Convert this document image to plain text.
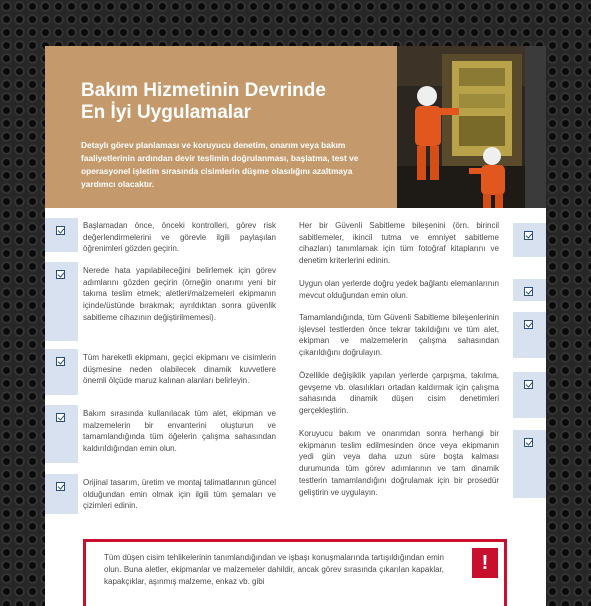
Bakım Hizmetinin Devrinde
En İyi Uygulamalar

Detaylı görev planlaması ve koruyucu denetim, onarım veya bakım faaliyetlerinin ardından devir teslimin doğrulanması, başlatma, test ve operasyonel işletim sırasında cisimlerin düşme olasılığını azaltmaya yardımcı olacaktır.

Başlamadan önce, önceki kontrolleri, görev risk değerlendirmelerini ve görevle ilgili paylaşılan öğrenimleri gözden geçirin.

Nerede hata yapılabileceğini belirlemek için görev adımlarını gözden geçirin (örneğin onarımı yeni bir takıma teslim etmek; aletleri/malzemeleri ekipmanın içinde/üstünde bırakmak; ayrıldıktan sonra güvenlik sabitleme cihazının değiştirilmemesi).

Tüm hareketli ekipmanı, geçici ekipmanı ve cisimlerin düşmesine neden olabilecek dinamik kuvvetlere önemli ölçüde maruz kalınan alanları belirleyin.

Bakım sırasında kullanılacak tüm alet, ekipman ve malzemelerin bir envanterini oluşturun ve tamamlandığında tüm öğelerin çalışma sahasından kaldırıldığından emin olun.

Orijinal tasarım, üretim ve montaj talimatlarının güncel olduğundan emin olmak için ilgili tüm şemaları ve çizimleri edinin.

Her bir Güvenli Sabitleme bileşenini (örn. birincil sabitlemeler, ikincil tutma ve emniyet sabitleme cihazları) tanımlamak için tüm fotoğraf kitaplarını ve denetim kriterlerini edinin.

Uygun olan yerlerde doğru yedek bağlantı elemanlarının mevcut olduğundan emin olun.

Tamamlandığında, tüm Güvenli Sabitleme bileşenlerinin işlevsel testlerden önce tekrar takıldığını ve tüm alet, ekipman ve malzemelerin çalışma sahasından çıkarıldığını doğrulayın.

Özellikle değişiklik yapılan yerlerde çarpışma, takılma, gevşeme vb. olasılıkları ortadan kaldırmak için çalışma sahasında dinamik düşen cisim denetimleri gerçekleştirin.

Koruyucu bakım ve onarımdan sonra herhangi bir ekipmanın teslim edilmesinden önce veya ekipmanın yedi gün veya daha uzun süre boşta kalması durumunda tüm görev adımlarının ve tam dinamik testlerin tamamlandığını doğrulamak için bir prosedür geliştirin ve uygulayın.

Tüm düşen cisim tehlikelerinin tanımlandığından ve işbaşı konuşmalarında tartışıldığından emin olun. Buna aletler, ekipmanlar ve malzemeler dahildir, ancak görev sırasında çıkarılan kapaklar, kapakçıklar, aşınmış malzeme, enkaz vb. gibi

!
